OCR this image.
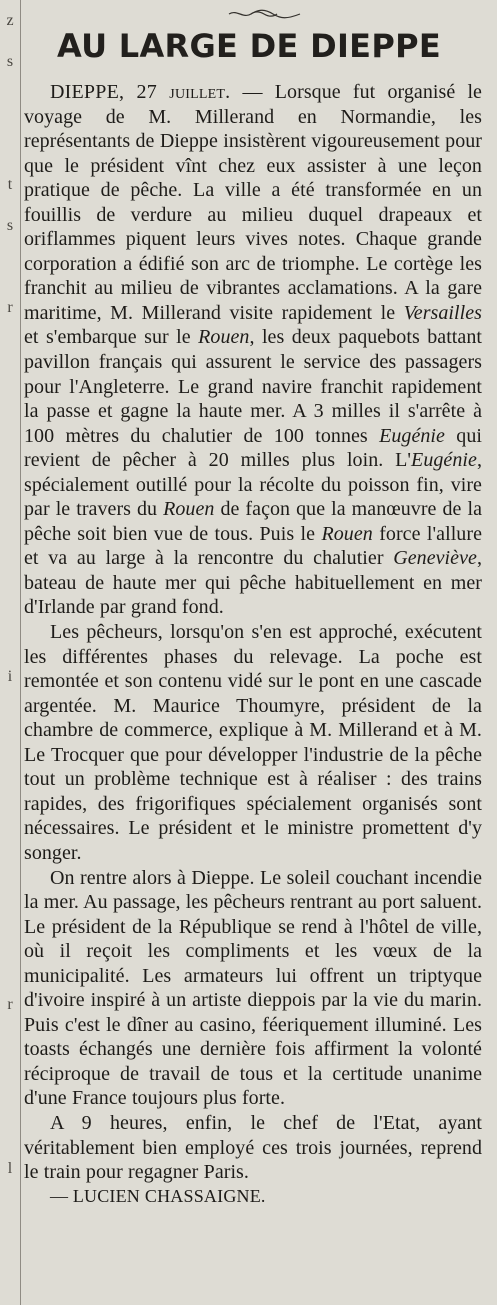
z
s
t
s
r
i
r
l
AU LARGE DE DIEPPE

DIEPPE, 27 juillet. — Lorsque fut organisé le voyage de M. Millerand en Normandie, les représentants de Dieppe insistèrent vigoureusement pour que le président vînt chez eux assister à une leçon pratique de pêche. La ville a été transformée en un fouillis de verdure au milieu duquel drapeaux et oriflammes piquent leurs vives notes. Chaque grande corporation a édifié son arc de triomphe. Le cortège les franchit au milieu de vibrantes acclamations. A la gare maritime, M. Millerand visite rapidement le Versailles et s'embarque sur le Rouen, les deux paquebots battant pavillon français qui assurent le service des passagers pour l'Angleterre. Le grand navire franchit rapidement la passe et gagne la haute mer. A 3 milles il s'arrête à 100 mètres du chalutier de 100 tonnes Eugénie qui revient de pêcher à 20 milles plus loin. L'Eugénie, spécialement outillé pour la récolte du poisson fin, vire par le travers du Rouen de façon que la manœuvre de la pêche soit bien vue de tous. Puis le Rouen force l'allure et va au large à la rencontre du chalutier Geneviève, bateau de haute mer qui pêche habituellement en mer d'Irlande par grand fond.

Les pêcheurs, lorsqu'on s'en est approché, exécutent les différentes phases du relevage. La poche est remontée et son contenu vidé sur le pont en une cascade argentée. M. Maurice Thoumyre, président de la chambre de commerce, explique à M. Millerand et à M. Le Trocquer que pour développer l'industrie de la pêche tout un problème technique est à réaliser : des trains rapides, des frigorifiques spécialement organisés sont nécessaires. Le président et le ministre promettent d'y songer.

On rentre alors à Dieppe. Le soleil couchant incendie la mer. Au passage, les pêcheurs rentrant au port saluent. Le président de la République se rend à l'hôtel de ville, où il reçoit les compliments et les vœux de la municipalité. Les armateurs lui offrent un triptyque d'ivoire inspiré à un artiste dieppois par la vie du marin. Puis c'est le dîner au casino, féeriquement illuminé. Les toasts échangés une dernière fois affirment la volonté réciproque de travail de tous et la certitude unanime d'une France toujours plus forte.

A 9 heures, enfin, le chef de l'Etat, ayant véritablement bien employé ces trois journées, reprend le train pour regagner Paris.

— LUCIEN CHASSAIGNE.
